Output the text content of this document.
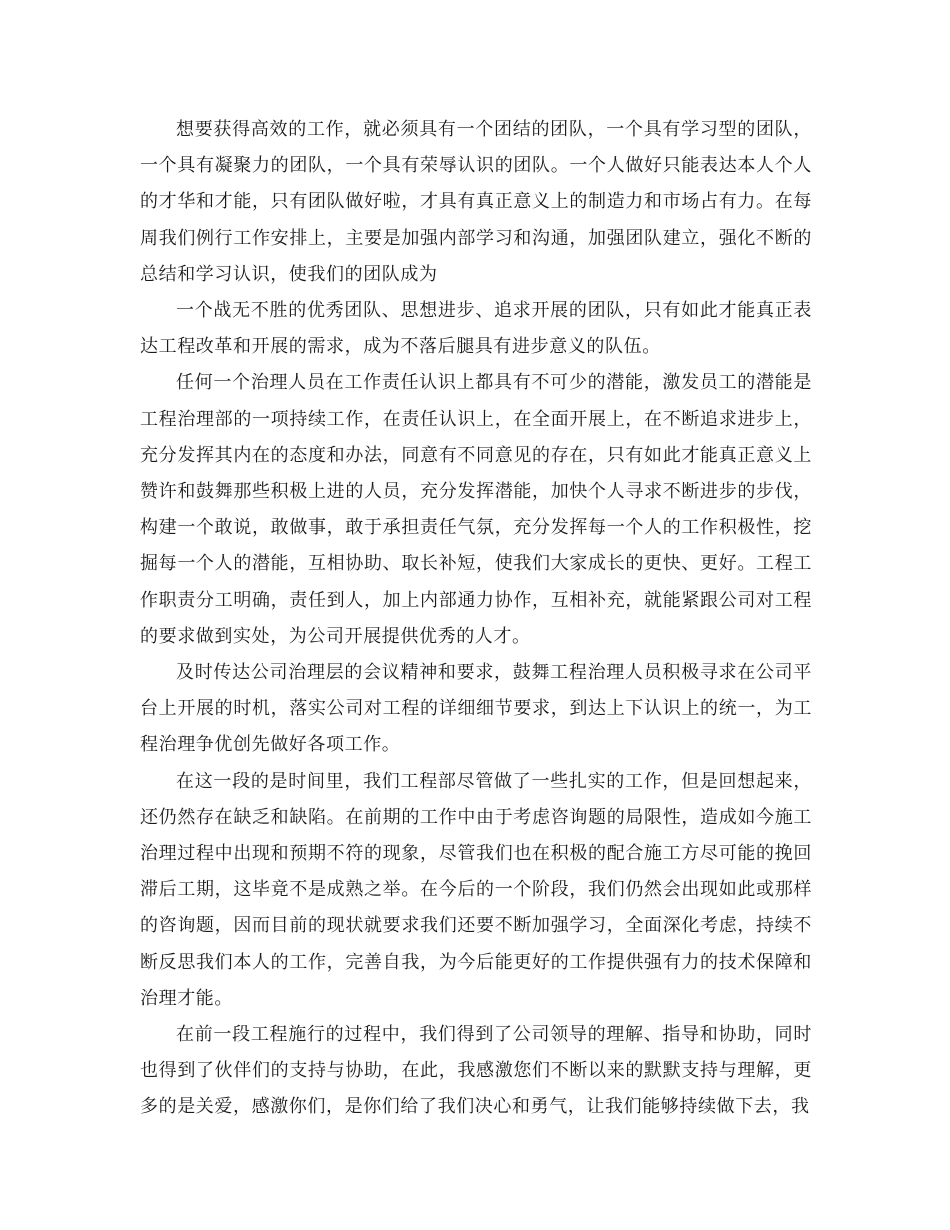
想要获得高效的工作，就必须具有一个团结的团队，一个具有学习型的团队，一个具有凝聚力的团队，一个具有荣辱认识的团队。一个人做好只能表达本人个人的才华和才能，只有团队做好啦，才具有真正意义上的制造力和市场占有力。在每周我们例行工作安排上，主要是加强内部学习和沟通，加强团队建立，强化不断的总结和学习认识，使我们的团队成为

一个战无不胜的优秀团队、思想进步、追求开展的团队，只有如此才能真正表达工程改革和开展的需求，成为不落后腿具有进步意义的队伍。

任何一个治理人员在工作责任认识上都具有不可少的潜能，激发员工的潜能是工程治理部的一项持续工作，在责任认识上，在全面开展上，在不断追求进步上，充分发挥其内在的态度和办法，同意有不同意见的存在，只有如此才能真正意义上赞许和鼓舞那些积极上进的人员，充分发挥潜能，加快个人寻求不断进步的步伐，构建一个敢说，敢做事，敢于承担责任气氛，充分发挥每一个人的工作积极性，挖掘每一个人的潜能，互相协助、取长补短，使我们大家成长的更快、更好。工程工作职责分工明确，责任到人，加上内部通力协作，互相补充，就能紧跟公司对工程的要求做到实处，为公司开展提供优秀的人才。

及时传达公司治理层的会议精神和要求，鼓舞工程治理人员积极寻求在公司平台上开展的时机，落实公司对工程的详细细节要求，到达上下认识上的统一，为工程治理争优创先做好各项工作。

在这一段的是时间里，我们工程部尽管做了一些扎实的工作，但是回想起来，还仍然存在缺乏和缺陷。在前期的工作中由于考虑咨询题的局限性，造成如今施工治理过程中出现和预期不符的现象，尽管我们也在积极的配合施工方尽可能的挽回滞后工期，这毕竟不是成熟之举。在今后的一个阶段，我们仍然会出现如此或那样的咨询题，因而目前的现状就要求我们还要不断加强学习，全面深化考虑，持续不断反思我们本人的工作，完善自我，为今后能更好的工作提供强有力的技术保障和治理才能。

在前一段工程施行的过程中，我们得到了公司领导的理解、指导和协助，同时也得到了伙伴们的支持与协助，在此，我感激您们不断以来的默默支持与理解，更多的是关爱，感激你们，是你们给了我们决心和勇气，让我们能够持续做下去，我
